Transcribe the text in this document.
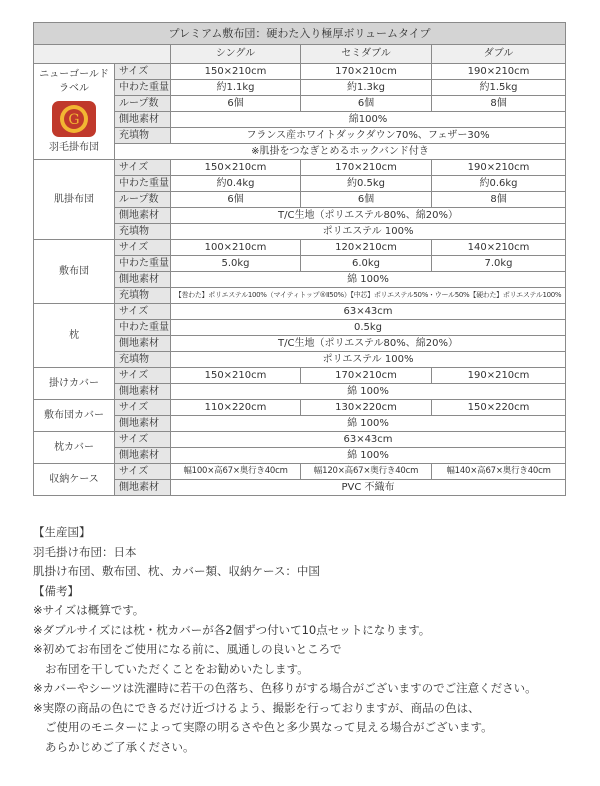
プレミアム敷布団：硬わた入り極厚ボリュームタイプ				
		シングル	セミダブル	ダブル

ニューゴールド
ラベル
G
羽毛掛布団	サイズ	150×210cm	170×210cm	190×210cm
	中わた重量	約1.1kg	約1.3kg	約1.5kg
	ループ数	6個	6個	8個
	側地素材	綿100%		
	充填物	フランス産ホワイトダックダウン70%、フェザー30%		
	※肌掛をつなぎとめるホックバンド付き			
肌掛布団	サイズ	150×210cm	170×210cm	190×210cm
	中わた重量	約0.4kg	約0.5kg	約0.6kg
	ループ数	6個	6個	8個
	側地素材	T/C生地（ポリエステル80%、綿20%）		
	充填物	ポリエステル 100%		
敷布団	サイズ	100×210cm	120×210cm	140×210cm
	中わた重量	5.0kg	6.0kg	7.0kg
	側地素材	綿 100%		
	充填物	【巻わた】ポリエステル100%（マイティトップ®Ⅱ50%）【中芯】ポリエステル50%・ウール50%【硬わた】ポリエステル100%		
枕	サイズ	63×43cm		
	中わた重量	0.5kg		
	側地素材	T/C生地（ポリエステル80%、綿20%）		
	充填物	ポリエステル 100%		
掛けカバー	サイズ	150×210cm	170×210cm	190×210cm
	側地素材	綿 100%		
敷布団カバー	サイズ	110×220cm	130×220cm	150×220cm
	側地素材	綿 100%		
枕カバー	サイズ	63×43cm		
	側地素材	綿 100%		
収納ケース	サイズ	幅100×高67×奥行き40cm	幅120×高67×奥行き40cm	幅140×高67×奥行き40cm
	側地素材	PVC 不織布		
【生産国】
羽毛掛け布団：日本
肌掛け布団、敷布団、枕、カバー類、収納ケース：中国
【備考】
※サイズは概算です。
※ダブルサイズには枕・枕カバーが各2個ずつ付いて10点セットになります。
※初めてお布団をご使用になる前に、風通しの良いところで
お布団を干していただくことをお勧めいたします。
※カバーやシーツは洗濯時に若干の色落ち、色移りがする場合がございますのでご注意ください。
※実際の商品の色にできるだけ近づけるよう、撮影を行っておりますが、商品の色は、
ご使用のモニターによって実際の明るさや色と多少異なって見える場合がございます。
あらかじめご了承ください。
